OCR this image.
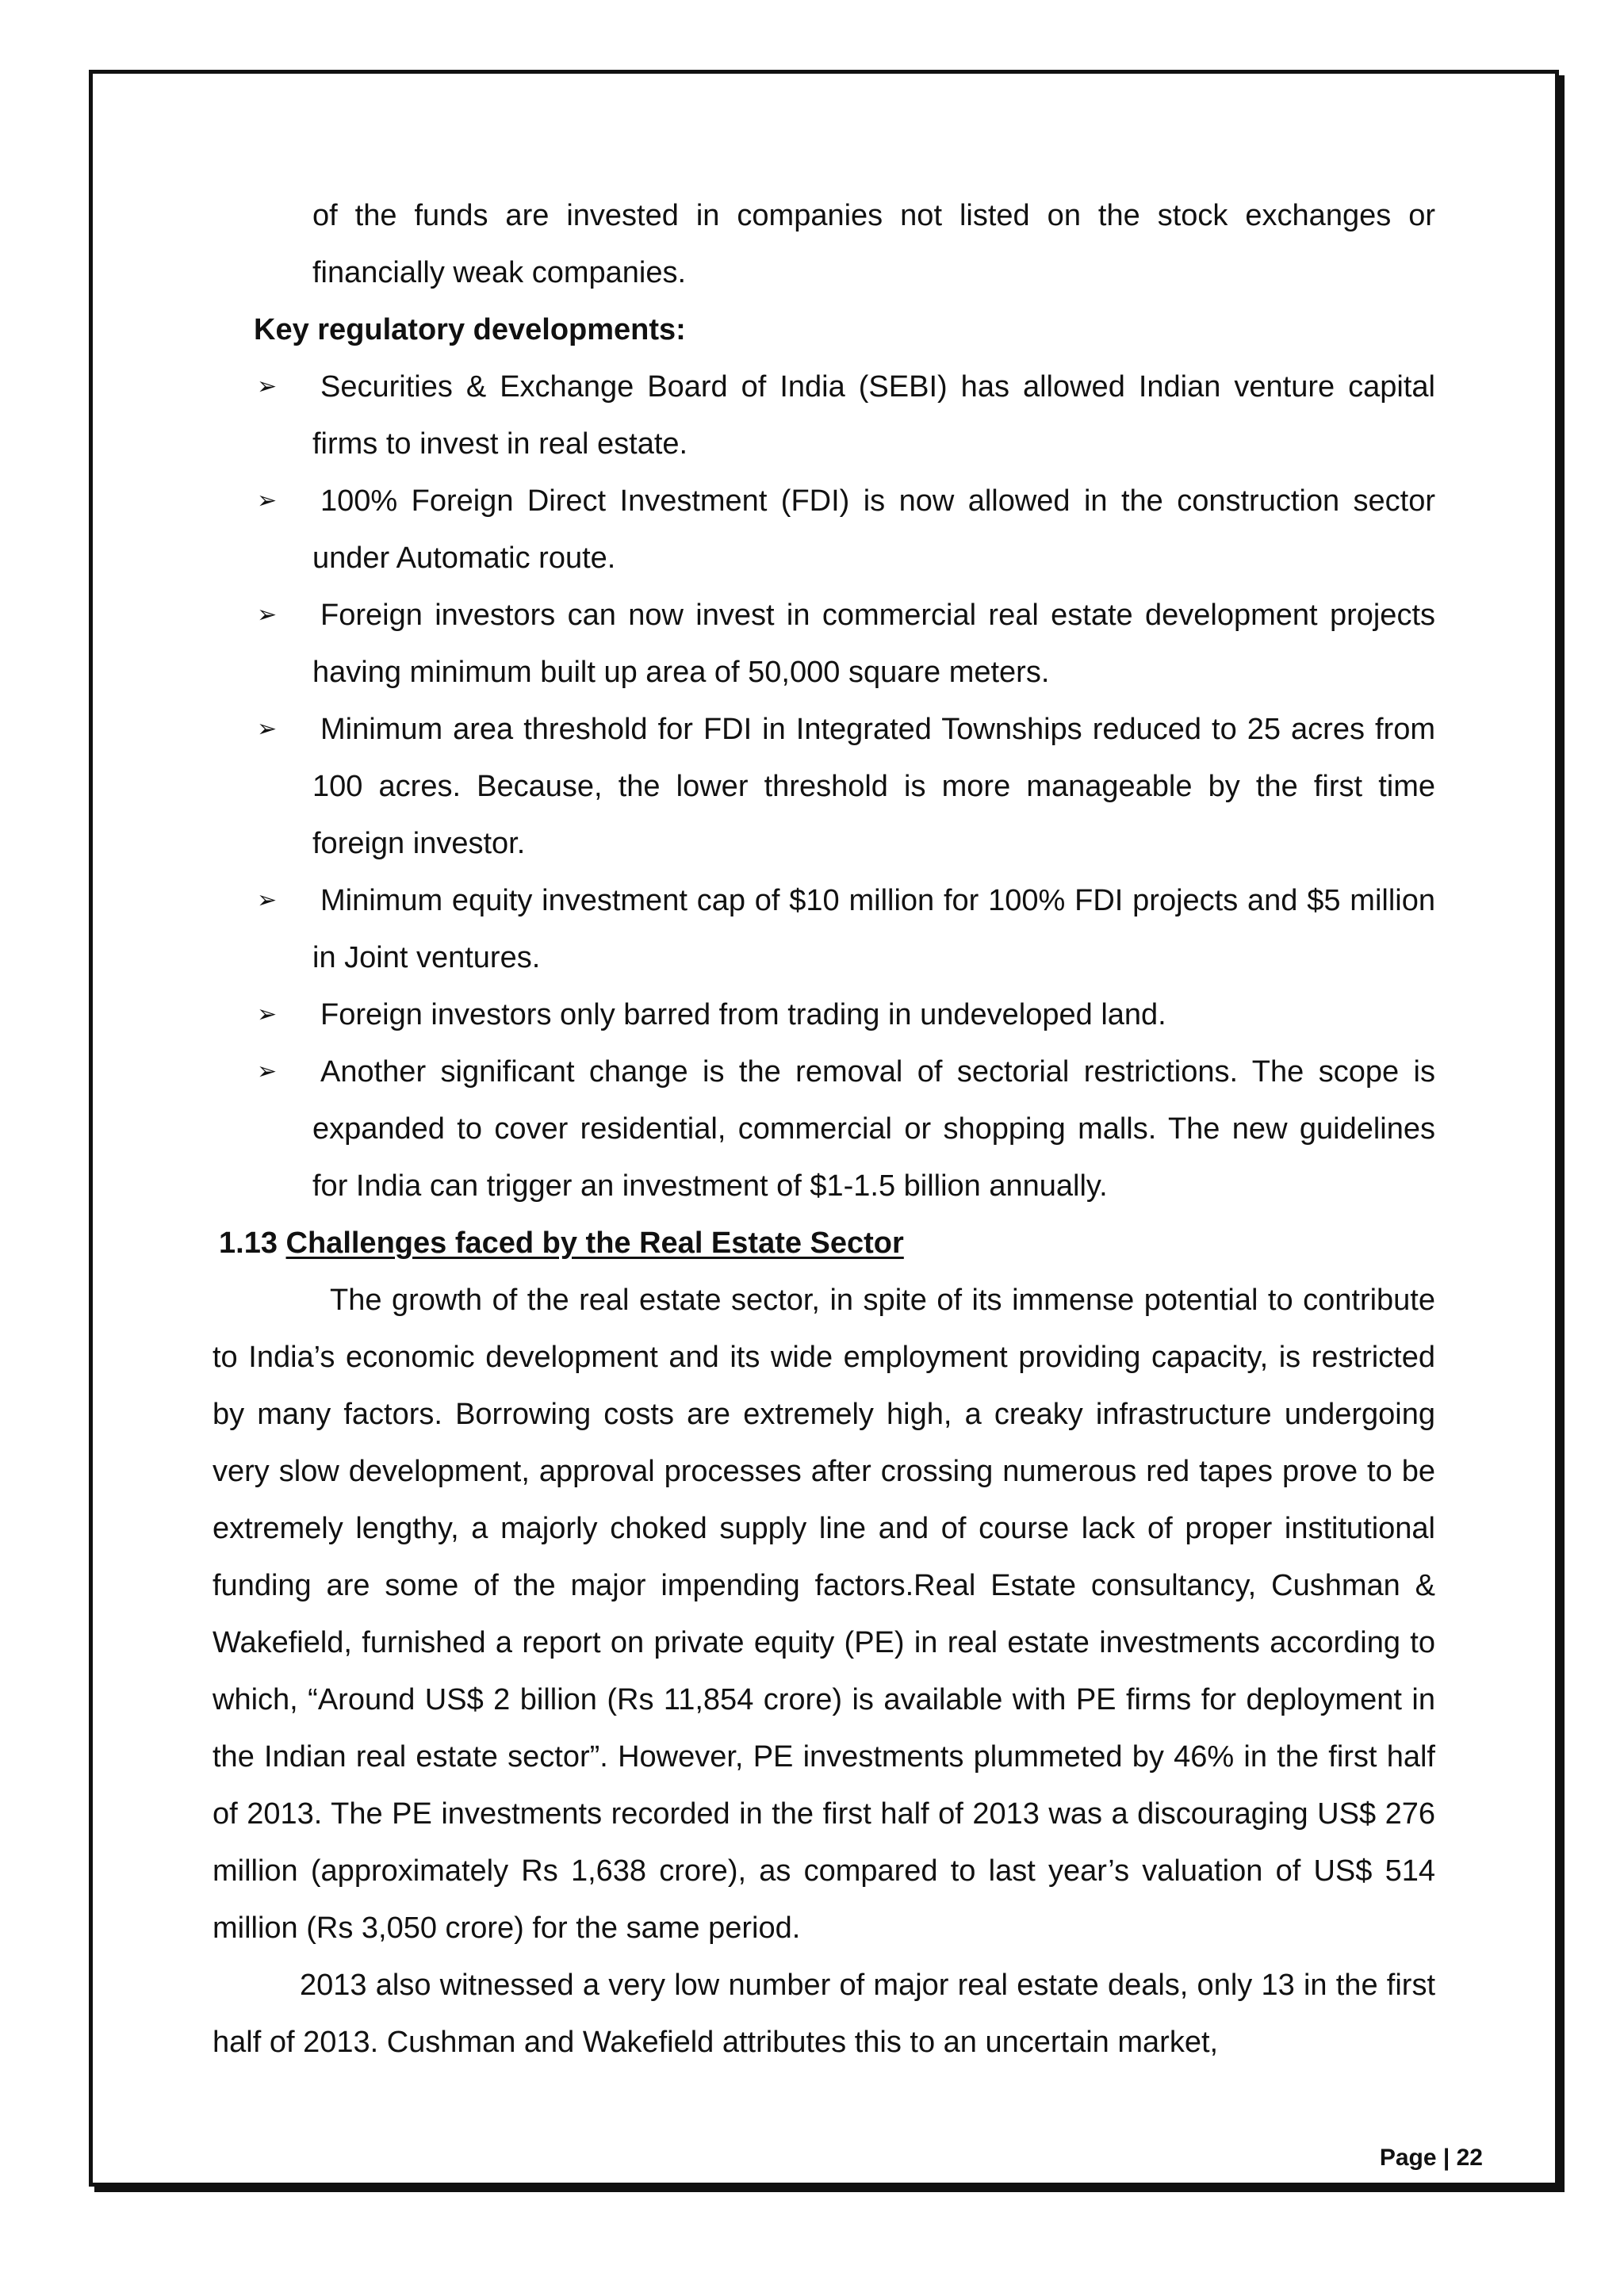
of the funds are invested in companies not listed on the stock exchanges or financially weak companies.
Key regulatory developments:
➢ Securities & Exchange Board of India (SEBI) has allowed Indian venture capital firms to invest in real estate.
➢ 100% Foreign Direct Investment (FDI) is now allowed in the construction sector under Automatic route.
➢ Foreign investors can now invest in commercial real estate development projects having minimum built up area of 50,000 square meters.
➢ Minimum area threshold for FDI in Integrated Townships reduced to 25 acres from 100 acres. Because, the lower threshold is more manageable by the first time foreign investor.
➢ Minimum equity investment cap of $10 million for 100% FDI projects and $5 million in Joint ventures.
➢ Foreign investors only barred from trading in undeveloped land.
➢ Another significant change is the removal of sectorial restrictions. The scope is expanded to cover residential, commercial or shopping malls. The new guidelines for India can trigger an investment of $1-1.5 billion annually.
1.13 Challenges faced by the Real Estate Sector
The growth of the real estate sector, in spite of its immense potential to contribute to India’s economic development and its wide employment providing capacity, is restricted by many factors. Borrowing costs are extremely high, a creaky infrastructure undergoing very slow development, approval processes after crossing numerous red tapes prove to be extremely lengthy, a majorly choked supply line and of course lack of proper institutional funding are some of the major impending factors.Real Estate consultancy, Cushman & Wakefield, furnished a report on private equity (PE) in real estate investments according to which, “Around US$ 2 billion (Rs 11,854 crore) is available with PE firms for deployment in the Indian real estate sector”. However, PE investments plummeted by 46% in the first half of 2013. The PE investments recorded in the first half of 2013 was a discouraging US$ 276 million (approximately Rs 1,638 crore), as compared to last year’s valuation of US$ 514 million (Rs 3,050 crore) for the same period.
2013 also witnessed a very low number of major real estate deals, only 13 in the first half of 2013. Cushman and Wakefield attributes this to an uncertain market,
Page | 22
